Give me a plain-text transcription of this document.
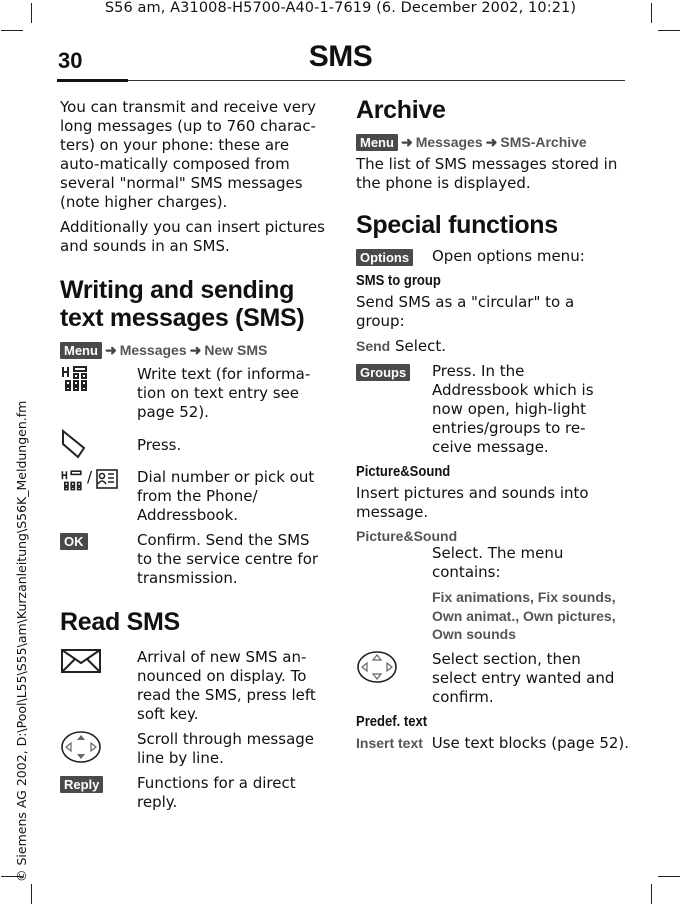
S56 am, A31008-H5700-A40-1-7619 (6. December 2002, 10:21)
30	SMS
© Siemens AG 2002, D:\Pool\L55\S55\am\Kurzanleitung\S56K_Meldungen.fm

You can transmit and receive very long messages (up to 760 charac-ters) on your phone: these are auto-matically composed from several "normal" SMS messages (note higher charges).

Additionally you can insert pictures and sounds in an SMS.

Writing and sending text messages (SMS)
Menu ➜ Messages ➜ New SMS
Write text (for informa-tion on text entry see page 52).
Press.
/	Dial number or pick out from the Phone/ Addressbook.
OK	Confirm. Send the SMS to the service centre for transmission.
Read SMS
Arrival of new SMS an-nounced on display. To read the SMS, press left soft key.
Scroll through message line by line.
Reply	Functions for a direct reply.
Archive
Menu ➜ Messages ➜ SMS-Archive

The list of SMS messages stored in the phone is displayed.

Special functions
Options	Open options menu:
SMS to group

Send SMS as a "circular" to a group:

Send Select.

Groups	Press. In the Addressbook which is now open, high-light entries/groups to re-ceive message.
Picture&Sound

Insert pictures and sounds into message.

Picture&Sound

Select. The menu contains:

Fix animations, Fix sounds, Own animat., Own pictures, Own sounds
Select section, then select entry wanted and confirm.
Predef. text

Insert text Use text blocks (page 52).
